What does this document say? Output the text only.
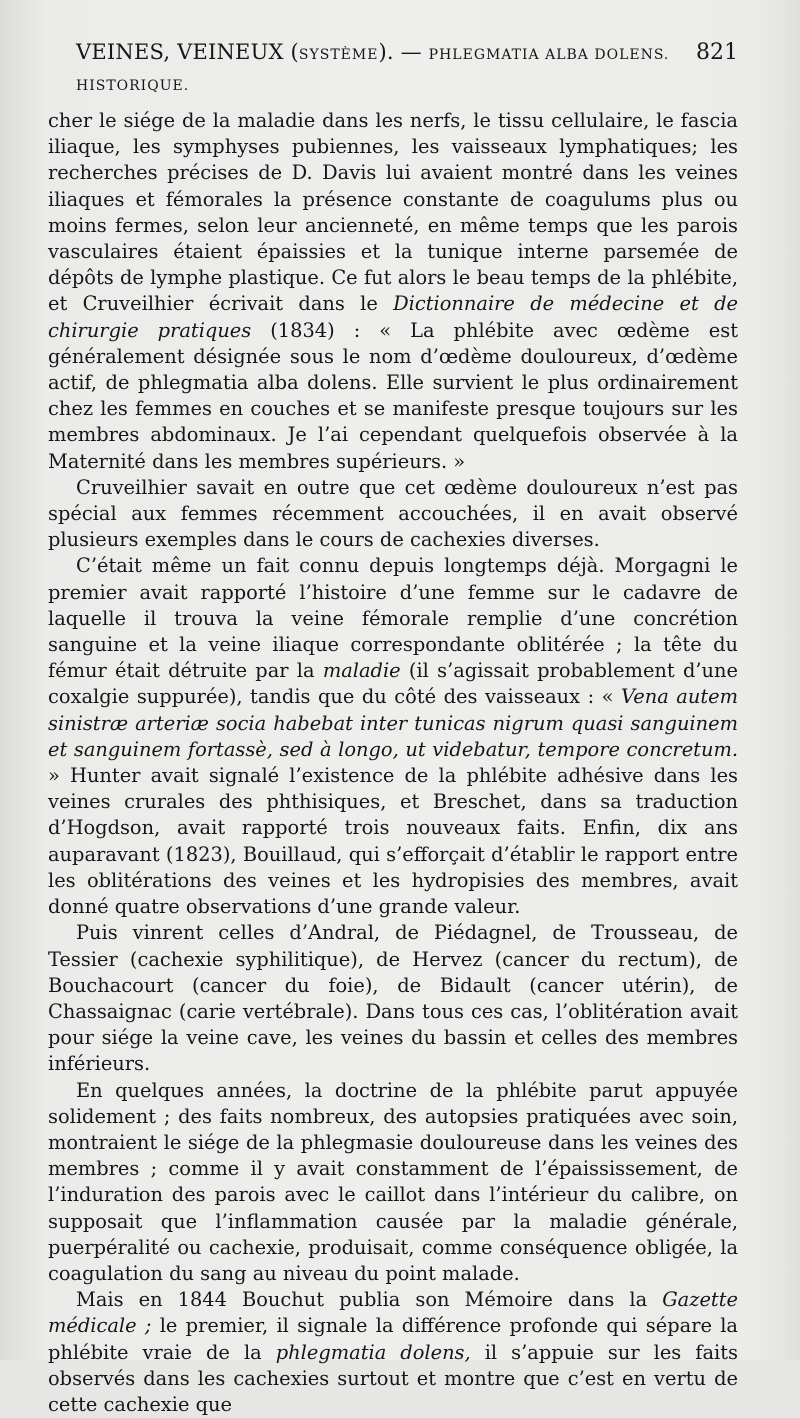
VEINES, VEINEUX (SYSTÈME). — PHLEGMATIA ALBA DOLENS. HISTORIQUE.
821

cher le siége de la maladie dans les nerfs, le tissu cellulaire, le fascia iliaque, les symphyses pubiennes, les vaisseaux lymphatiques; les recherches précises de D. Davis lui avaient montré dans les veines iliaques et fémorales la présence constante de coagulums plus ou moins fermes, selon leur ancienneté, en même temps que les parois vasculaires étaient épaissies et la tunique interne parsemée de dépôts de lymphe plastique. Ce fut alors le beau temps de la phlébite, et Cruveilhier écrivait dans le Dictionnaire de médecine et de chirurgie pratiques (1834) : « La phlébite avec œdème est généralement désignée sous le nom d’œdème douloureux, d’œdème actif, de phlegmatia alba dolens. Elle survient le plus ordinairement chez les femmes en couches et se manifeste presque toujours sur les membres abdominaux. Je l’ai cependant quelquefois observée à la Maternité dans les membres supérieurs. »

Cruveilhier savait en outre que cet œdème douloureux n’est pas spécial aux femmes récemment accouchées, il en avait observé plusieurs exemples dans le cours de cachexies diverses.

C’était même un fait connu depuis longtemps déjà. Morgagni le premier avait rapporté l’histoire d’une femme sur le cadavre de laquelle il trouva la veine fémorale remplie d’une concrétion sanguine et la veine iliaque correspondante oblitérée ; la tête du fémur était détruite par la maladie (il s’agissait probablement d’une coxalgie suppurée), tandis que du côté des vaisseaux : « Vena autem sinistræ arteriæ socia habebat inter tunicas nigrum quasi sanguinem et sanguinem fortassè, sed à longo, ut videbatur, tempore concretum. » Hunter avait signalé l’existence de la phlébite adhésive dans les veines crurales des phthisiques, et Breschet, dans sa traduction d’Hogdson, avait rapporté trois nouveaux faits. Enfin, dix ans auparavant (1823), Bouillaud, qui s’efforçait d’établir le rapport entre les oblitérations des veines et les hydropisies des membres, avait donné quatre observations d’une grande valeur.

Puis vinrent celles d’Andral, de Piédagnel, de Trousseau, de Tessier (cachexie syphilitique), de Hervez (cancer du rectum), de Bouchacourt (cancer du foie), de Bidault (cancer utérin), de Chassaignac (carie vertébrale). Dans tous ces cas, l’oblitération avait pour siége la veine cave, les veines du bassin et celles des membres inférieurs.

En quelques années, la doctrine de la phlébite parut appuyée solidement ; des faits nombreux, des autopsies pratiquées avec soin, montraient le siége de la phlegmasie douloureuse dans les veines des membres ; comme il y avait constamment de l’épaississement, de l’induration des parois avec le caillot dans l’intérieur du calibre, on supposait que l’inflammation causée par la maladie générale, puerpéralité ou cachexie, produisait, comme conséquence obligée, la coagulation du sang au niveau du point malade.

Mais en 1844 Bouchut publia son Mémoire dans la Gazette médicale ; le premier, il signale la différence profonde qui sépare la phlébite vraie de la phlegmatia dolens, il s’appuie sur les faits observés dans les cachexies surtout et montre que c’est en vertu de cette cachexie que
